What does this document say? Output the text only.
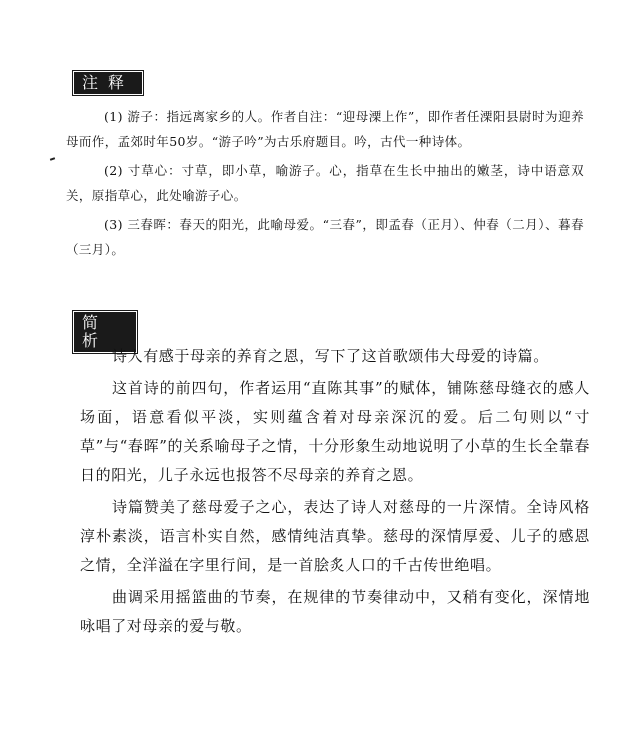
注释

(1) 游子：指远离家乡的人。作者自注：“迎母溧上作”，即作者任溧阳县尉时为迎养母而作，孟郊时年50岁。“游子吟”为古乐府题目。吟，古代一种诗体。

(2) 寸草心：寸草，即小草，喻游子。心，指草在生长中抽出的嫩茎，诗中语意双关，原指草心，此处喻游子心。

(3) 三春晖：春天的阳光，此喻母爱。“三春”，即孟春（正月）、仲春（二月）、暮春（三月）。

简析

诗人有感于母亲的养育之恩，写下了这首歌颂伟大母爱的诗篇。

这首诗的前四句，作者运用“直陈其事”的赋体，铺陈慈母缝衣的感人场面，语意看似平淡，实则蕴含着对母亲深沉的爱。后二句则以“寸草”与“春晖”的关系喻母子之情，十分形象生动地说明了小草的生长全靠春日的阳光，儿子永远也报答不尽母亲的养育之恩。

诗篇赞美了慈母爱子之心，表达了诗人对慈母的一片深情。全诗风格淳朴素淡，语言朴实自然，感情纯洁真挚。慈母的深情厚爱、儿子的感恩之情，全洋溢在字里行间，是一首脍炙人口的千古传世绝唱。

曲调采用摇篮曲的节奏，在规律的节奏律动中，又稍有变化，深情地咏唱了对母亲的爱与敬。
